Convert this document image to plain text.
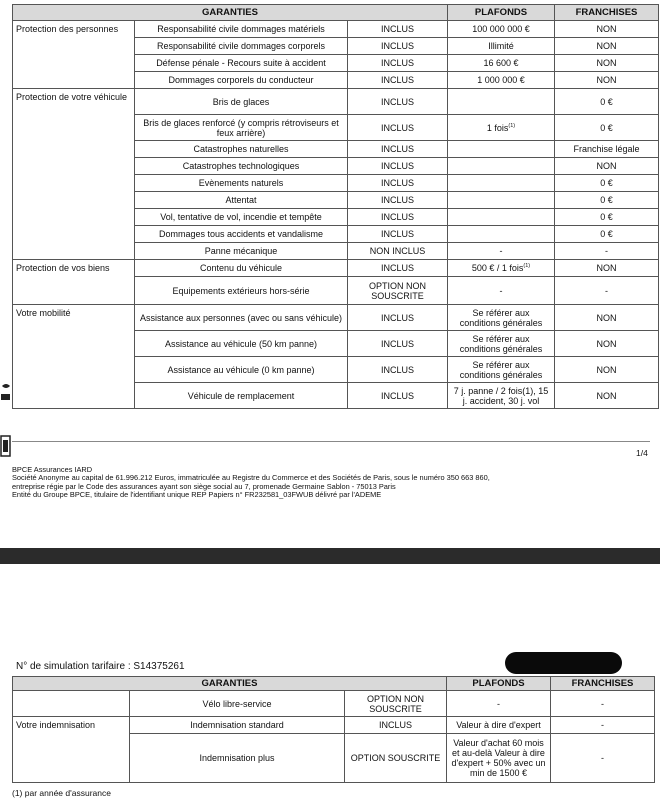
GARANTIES			PLAFONDS	FRANCHISES
Protection des personnes	Responsabilité civile dommages matériels	INCLUS	100 000 000 €	NON
	Responsabilité civile dommages corporels	INCLUS	Illimité	NON
	Défense pénale - Recours suite à accident	INCLUS	16 600 €	NON
	Dommages corporels du conducteur	INCLUS	1 000 000 €	NON
Protection de votre véhicule	Bris de glaces	INCLUS		0 €
	Bris de glaces renforcé (y compris rétroviseurs et feux arrière)	INCLUS	1 fois$^{(1)}$	0 €
	Catastrophes naturelles	INCLUS		Franchise légale
	Catastrophes technologiques	INCLUS		NON
	Evènements naturels	INCLUS		0 €
	Attentat	INCLUS		0 €
	Vol, tentative de vol, incendie et tempête	INCLUS		0 €
	Dommages tous accidents et vandalisme	INCLUS		0 €
	Panne mécanique	NON INCLUS	-	-
Protection de vos biens	Contenu du véhicule	INCLUS	500 € / 1 fois$^{(1)}$	NON
	Equipements extérieurs hors-série	OPTION NON SOUSCRITE	-	-
Votre mobilité	Assistance aux personnes (avec ou sans véhicule)	INCLUS	Se référer aux conditions générales	NON
	Assistance au véhicule (50 km panne)	INCLUS	Se référer aux conditions générales	NON
	Assistance au véhicule (0 km panne)	INCLUS	Se référer aux conditions générales	NON
	Véhicule de remplacement	INCLUS	7 j. panne / 2 fois(1), 15 j. accident, 30 j. vol	NON
1/4
BPCE Assurances IARD
Société Anonyme au capital de 61.996.212 Euros, immatriculée au Registre du Commerce et des Sociétés de Paris, sous le numéro 350 663 860,
entreprise régie par le Code des assurances ayant son siège social au 7, promenade Germaine Sablon - 75013 Paris
Entité du Groupe BPCE, titulaire de l'identifiant unique REP Papiers n° FR232581_03FWUB délivré par l'ADEME
N° de simulation tarifaire : S14375261
GARANTIES			PLAFONDS	FRANCHISES
	Vélo libre-service	OPTION NON SOUSCRITE	-	-
Votre indemnisation	Indemnisation standard	INCLUS	Valeur à dire d'expert	-
	Indemnisation plus	OPTION SOUSCRITE	Valeur d'achat 60 mois et au-delà Valeur à dire d'expert + 50% avec un min de 1500 €	-
(1) par année d'assurance
